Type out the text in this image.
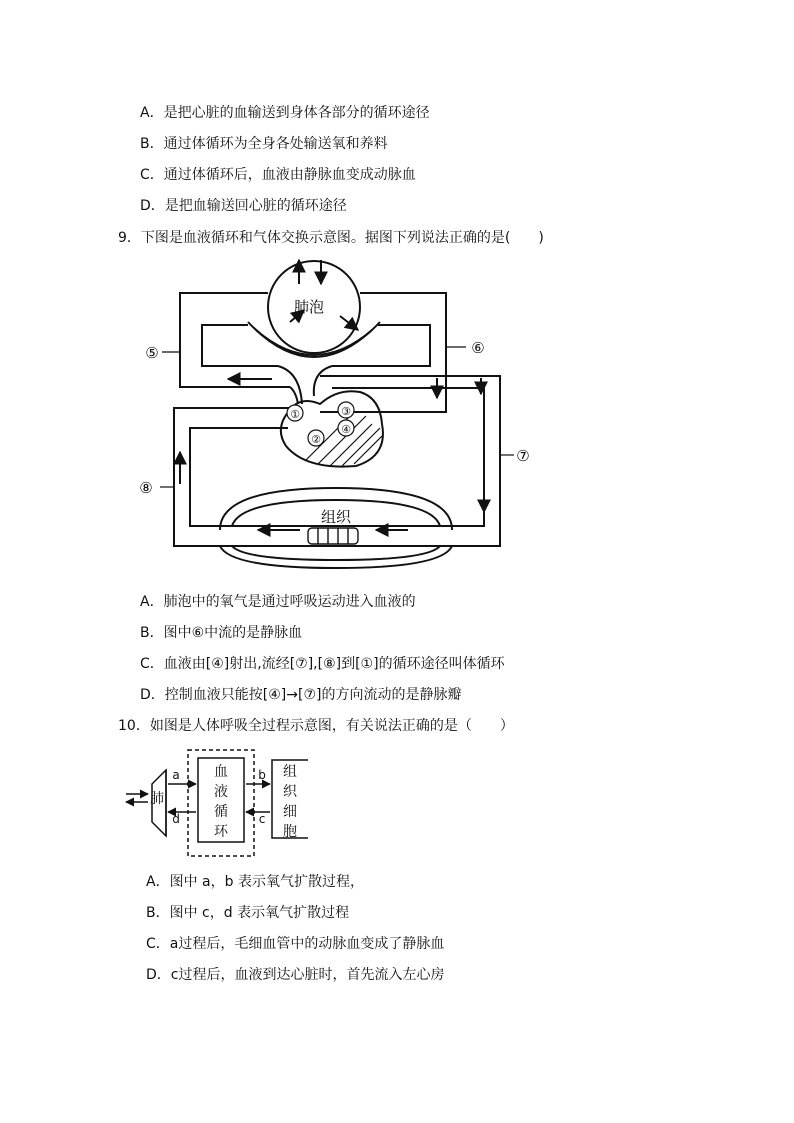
A．是把心脏的血输送到身体各部分的循环途径
B．通过体循环为全身各处输送氧和养料
C．通过体循环后，血液由静脉血变成动脉血
D．是把血输送回心脏的循环途径
9．下图是血液循环和气体交换示意图。据图下列说法正确的是(　　)
①
②
③
④
肺泡
组织
⑤	⑥
⑦
⑧
A．肺泡中的氧气是通过呼吸运动进入血液的
B．图中⑥中流的是静脉血
C．血液由[④]射出,流经[⑦],[⑧]到[①]的循环途径叫体循环
D．控制血液只能按[④]→[⑦]的方向流动的是静脉瓣
10．如图是人体呼吸全过程示意图，有关说法正确的是（　　）
肺
a
d
b
c
血
液
循
环
组
织
细
胞
A．图中 a，b 表示氧气扩散过程，
B．图中 c，d 表示氧气扩散过程
C．a过程后，毛细血管中的动脉血变成了静脉血
D．c过程后，血液到达心脏时，首先流入左心房
